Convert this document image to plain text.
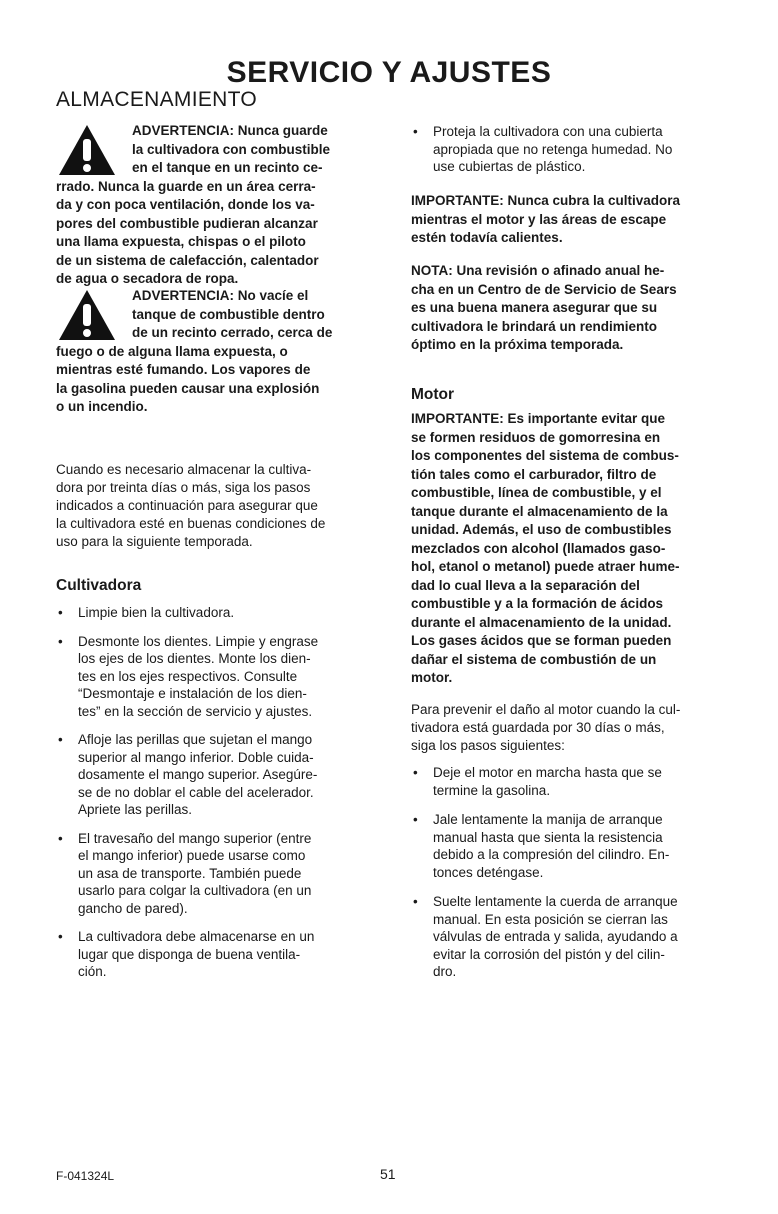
SERVICIO Y AJUSTES
ALMACENAMIENTO
ADVERTENCIA: Nunca guarde
la cultivadora con combustible
en el tanque en un recinto ce-
rrado. Nunca la guarde en un área cerra-
da y con poca ventilación, donde los va-
pores del combustible pudieran alcanzar
una llama expuesta, chispas o el piloto
de un sistema de calefacción, calentador
de agua o secadora de ropa.
ADVERTENCIA: No vacíe el
tanque de combustible dentro
de un recinto cerrado, cerca de
fuego o de alguna llama expuesta, o
mientras esté fumando. Los vapores de
la gasolina pueden causar una explosión
o un incendio.
Cuando es necesario almacenar la cultiva-
dora por treinta días o más, siga los pasos
indicados a continuación para asegurar que
la cultivadora esté en buenas condiciones de
uso para la siguiente temporada.
Cultivadora
• Limpie bien la cultivadora.
• Desmonte los dientes. Limpie y engrase
los ejes de los dientes. Monte los dien-
tes en los ejes respectivos. Consulte
“Desmontaje e instalación de los dien-
tes” en la sección de servicio y ajustes.
• Afloje las perillas que sujetan el mango
superior al mango inferior. Doble cuida-
dosamente el mango superior. Asegúre-
se de no doblar el cable del acelerador.
Apriete las perillas.
• El travesaño del mango superior (entre
el mango inferior) puede usarse como
un asa de transporte. También puede
usarlo para colgar la cultivadora (en un
gancho de pared).
• La cultivadora debe almacenarse en un
lugar que disponga de buena ventila-
ción.
• Proteja la cultivadora con una cubierta
apropiada que no retenga humedad. No
use cubiertas de plástico.
IMPORTANTE: Nunca cubra la cultivadora
mientras el motor y las áreas de escape
estén todavía calientes.
NOTA: Una revisión o afinado anual he-
cha en un Centro de de Servicio de Sears
es una buena manera asegurar que su
cultivadora le brindará un rendimiento
óptimo en la próxima temporada.
Motor
IMPORTANTE: Es importante evitar que
se formen residuos de gomorresina en
los componentes del sistema de combus-
tión tales como el carburador, filtro de
combustible, línea de combustible, y el
tanque durante el almacenamiento de la
unidad. Además, el uso de combustibles
mezclados con alcohol (llamados gaso-
hol, etanol o metanol) puede atraer hume-
dad lo cual lleva a la separación del
combustible y a la formación de ácidos
durante el almacenamiento de la unidad.
Los gases ácidos que se forman pueden
dañar el sistema de combustión de un
motor.
Para prevenir el daño al motor cuando la cul-
tivadora está guardada por 30 días o más,
siga los pasos siguientes:
• Deje el motor en marcha hasta que se
termine la gasolina.
• Jale lentamente la manija de arranque
manual hasta que sienta la resistencia
debido a la compresión del cilindro. En-
tonces deténgase.
• Suelte lentamente la cuerda de arranque
manual. En esta posición se cierran las
válvulas de entrada y salida, ayudando a
evitar la corrosión del pistón y del cilin-
dro.
F-041324L	51
